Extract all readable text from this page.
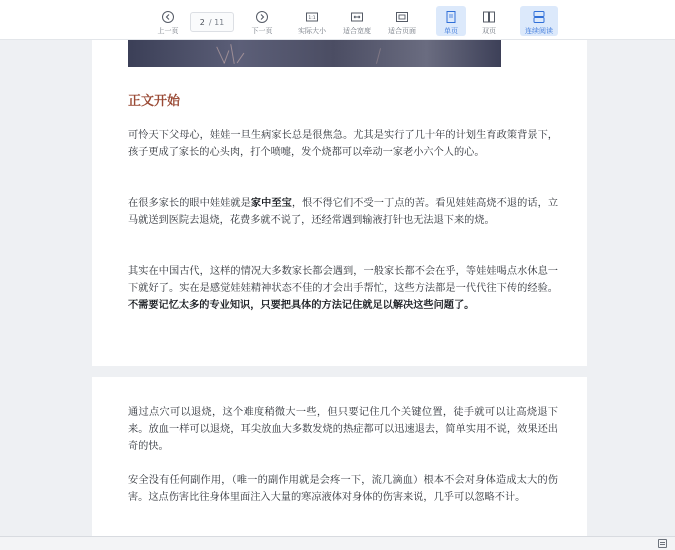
上一页
2 / 11
下一页
1:1
实际大小 适合宽度 适合页面	单页	双页	连续阅读
正文开始

可怜天下父母心，娃娃一旦生病家长总是很焦急。尤其是实行了几十年的计划生育政策背景下，孩子更成了家长的心头肉，打个喷嚏，发个烧都可以牵动一家老小六个人的心。

在很多家长的眼中娃娃就是家中至宝，恨不得它们不受一丁点的苦。看见娃娃高烧不退的话，立马就送到医院去退烧，花费多就不说了，还经常遇到输液打针也无法退下来的烧。

其实在中国古代，这样的情况大多数家长都会遇到，一般家长都不会在乎，等娃娃喝点水休息一下就好了。实在是感觉娃娃精神状态不佳的才会出手帮忙，这些方法都是一代代往下传的经验。不需要记忆太多的专业知识，只要把具体的方法记住就足以解决这些问题了。

通过点穴可以退烧，这个难度稍微大一些，但只要记住几个关键位置，徒手就可以让高烧退下来。放血一样可以退烧，耳尖放血大多数发烧的热症都可以迅速退去，简单实用不说，效果还出奇的快。

安全没有任何副作用，（唯一的副作用就是会疼一下，流几滴血）根本不会对身体造成太大的伤害。这点伤害比往身体里面注入大量的寒凉液体对身体的伤害来说，几乎可以忽略不计。
